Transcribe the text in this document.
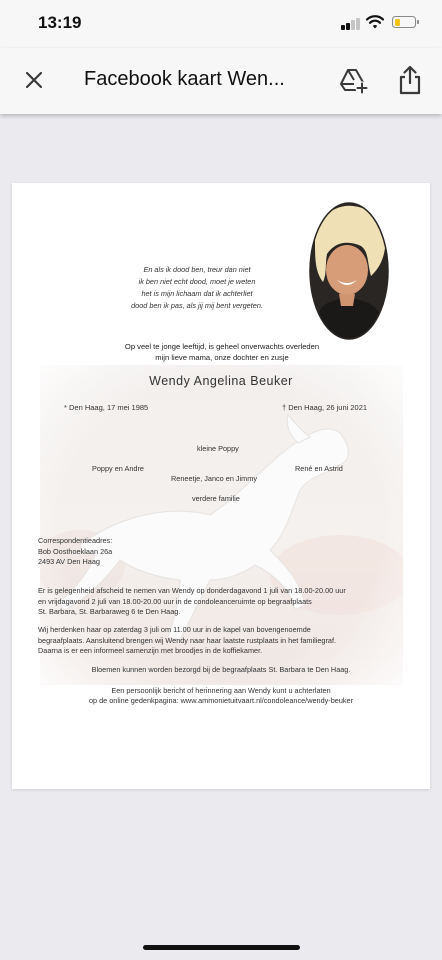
13:19
Facebook kaart Wen...
En als ik dood ben, treur dan niet
ik ben niet echt dood, moet je weten
het is mijn lichaam dat ik achterliet
dood ben ik pas, als jij mij bent vergeten.
Op veel te jonge leeftijd, is geheel onverwachts overleden
mijn lieve mama, onze dochter en zusje
Wendy Angelina Beuker
* Den Haag, 17 mei 1985	† Den Haag, 26 juni 2021
kleine Poppy
Poppy en Andre	René en Astrid
Reneetje, Janco en Jimmy
verdere familie
Correspondentieadres:
Bob Oosthoeklaan 26a
2493 AV Den Haag
Er is gelegenheid afscheid te nemen van Wendy op donderdagavond 1 juli van 18.00-20.00 uur
en vrijdagavond 2 juli van 18.00-20.00 uur in de condoleanceruimte op begraafplaats
St. Barbara, St. Barbaraweg 6 te Den Haag.
Wij herdenken haar op zaterdag 3 juli om 11.00 uur in de kapel van bovengenoemde
begraafplaats. Aansluitend brengen wij Wendy naar haar laatste rustplaats in het familiegraf.
Daarna is er een informeel samenzijn met broodjes in de koffiekamer.
Bloemen kunnen worden bezorgd bij de begraafplaats St. Barbara te Den Haag.
Een persoonlijk bericht of herinnering aan Wendy kunt u achterlaten
op de online gedenkpagina: www.ammonietuitvaart.nl/condoleance/wendy-beuker
